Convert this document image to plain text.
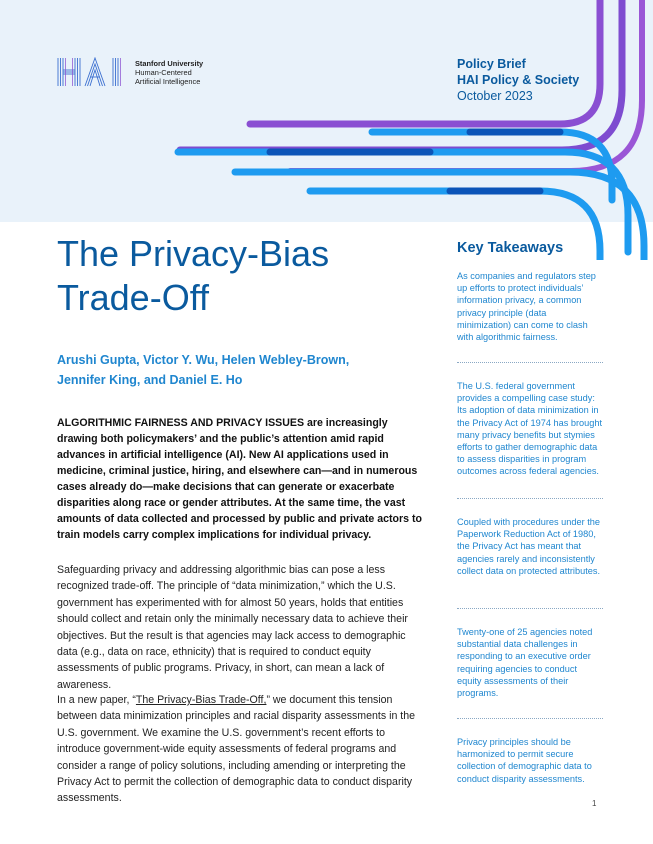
Stanford University
Human-Centered
Artificial Intelligence
Policy Brief
HAI Policy & Society
October 2023
The Privacy-Bias Trade-Off
Arushi Gupta, Victor Y. Wu, Helen Webley-Brown, Jennifer King, and Daniel E. Ho

ALGORITHMIC FAIRNESS AND PRIVACY ISSUES are increasingly drawing both policymakers’ and the public’s attention amid rapid advances in artificial intelligence (AI). New AI applications used in medicine, criminal justice, hiring, and elsewhere can—and in numerous cases already do—make decisions that can generate or exacerbate disparities along race or gender attributes. At the same time, the vast amounts of data collected and processed by public and private actors to train models carry complex implications for individual privacy.

Safeguarding privacy and addressing algorithmic bias can pose a less recognized trade-off. The principle of “data minimization,” which the U.S. government has experimented with for almost 50 years, holds that entities should collect and retain only the minimally necessary data to achieve their objectives. But the result is that agencies may lack access to demographic data (e.g., data on race, ethnicity) that is required to conduct equity assessments of public programs. Privacy, in short, can mean a lack of awareness.

In a new paper, “The Privacy-Bias Trade-Off,” we document this tension between data minimization principles and racial disparity assessments in the U.S. government. We examine the U.S. government’s recent efforts to introduce government-wide equity assessments of federal programs and consider a range of policy solutions, including amending or interpreting the Privacy Act to permit the collection of demographic data to conduct disparity assessments.

Key Takeaways

As companies and regulators step up efforts to protect individuals’ information privacy, a common privacy principle (data minimization) can come to clash with algorithmic fairness.

The U.S. federal government provides a compelling case study: Its adoption of data minimization in the Privacy Act of 1974 has brought many privacy benefits but stymies efforts to gather demographic data to assess disparities in program outcomes across federal agencies.

Coupled with procedures under the Paperwork Reduction Act of 1980, the Privacy Act has meant that agencies rarely and inconsistently collect data on protected attributes.

Twenty-one of 25 agencies noted substantial data challenges in responding to an executive order requiring agencies to conduct equity assessments of their programs.

Privacy principles should be harmonized to permit secure collection of demographic data to conduct disparity assessments.

1
